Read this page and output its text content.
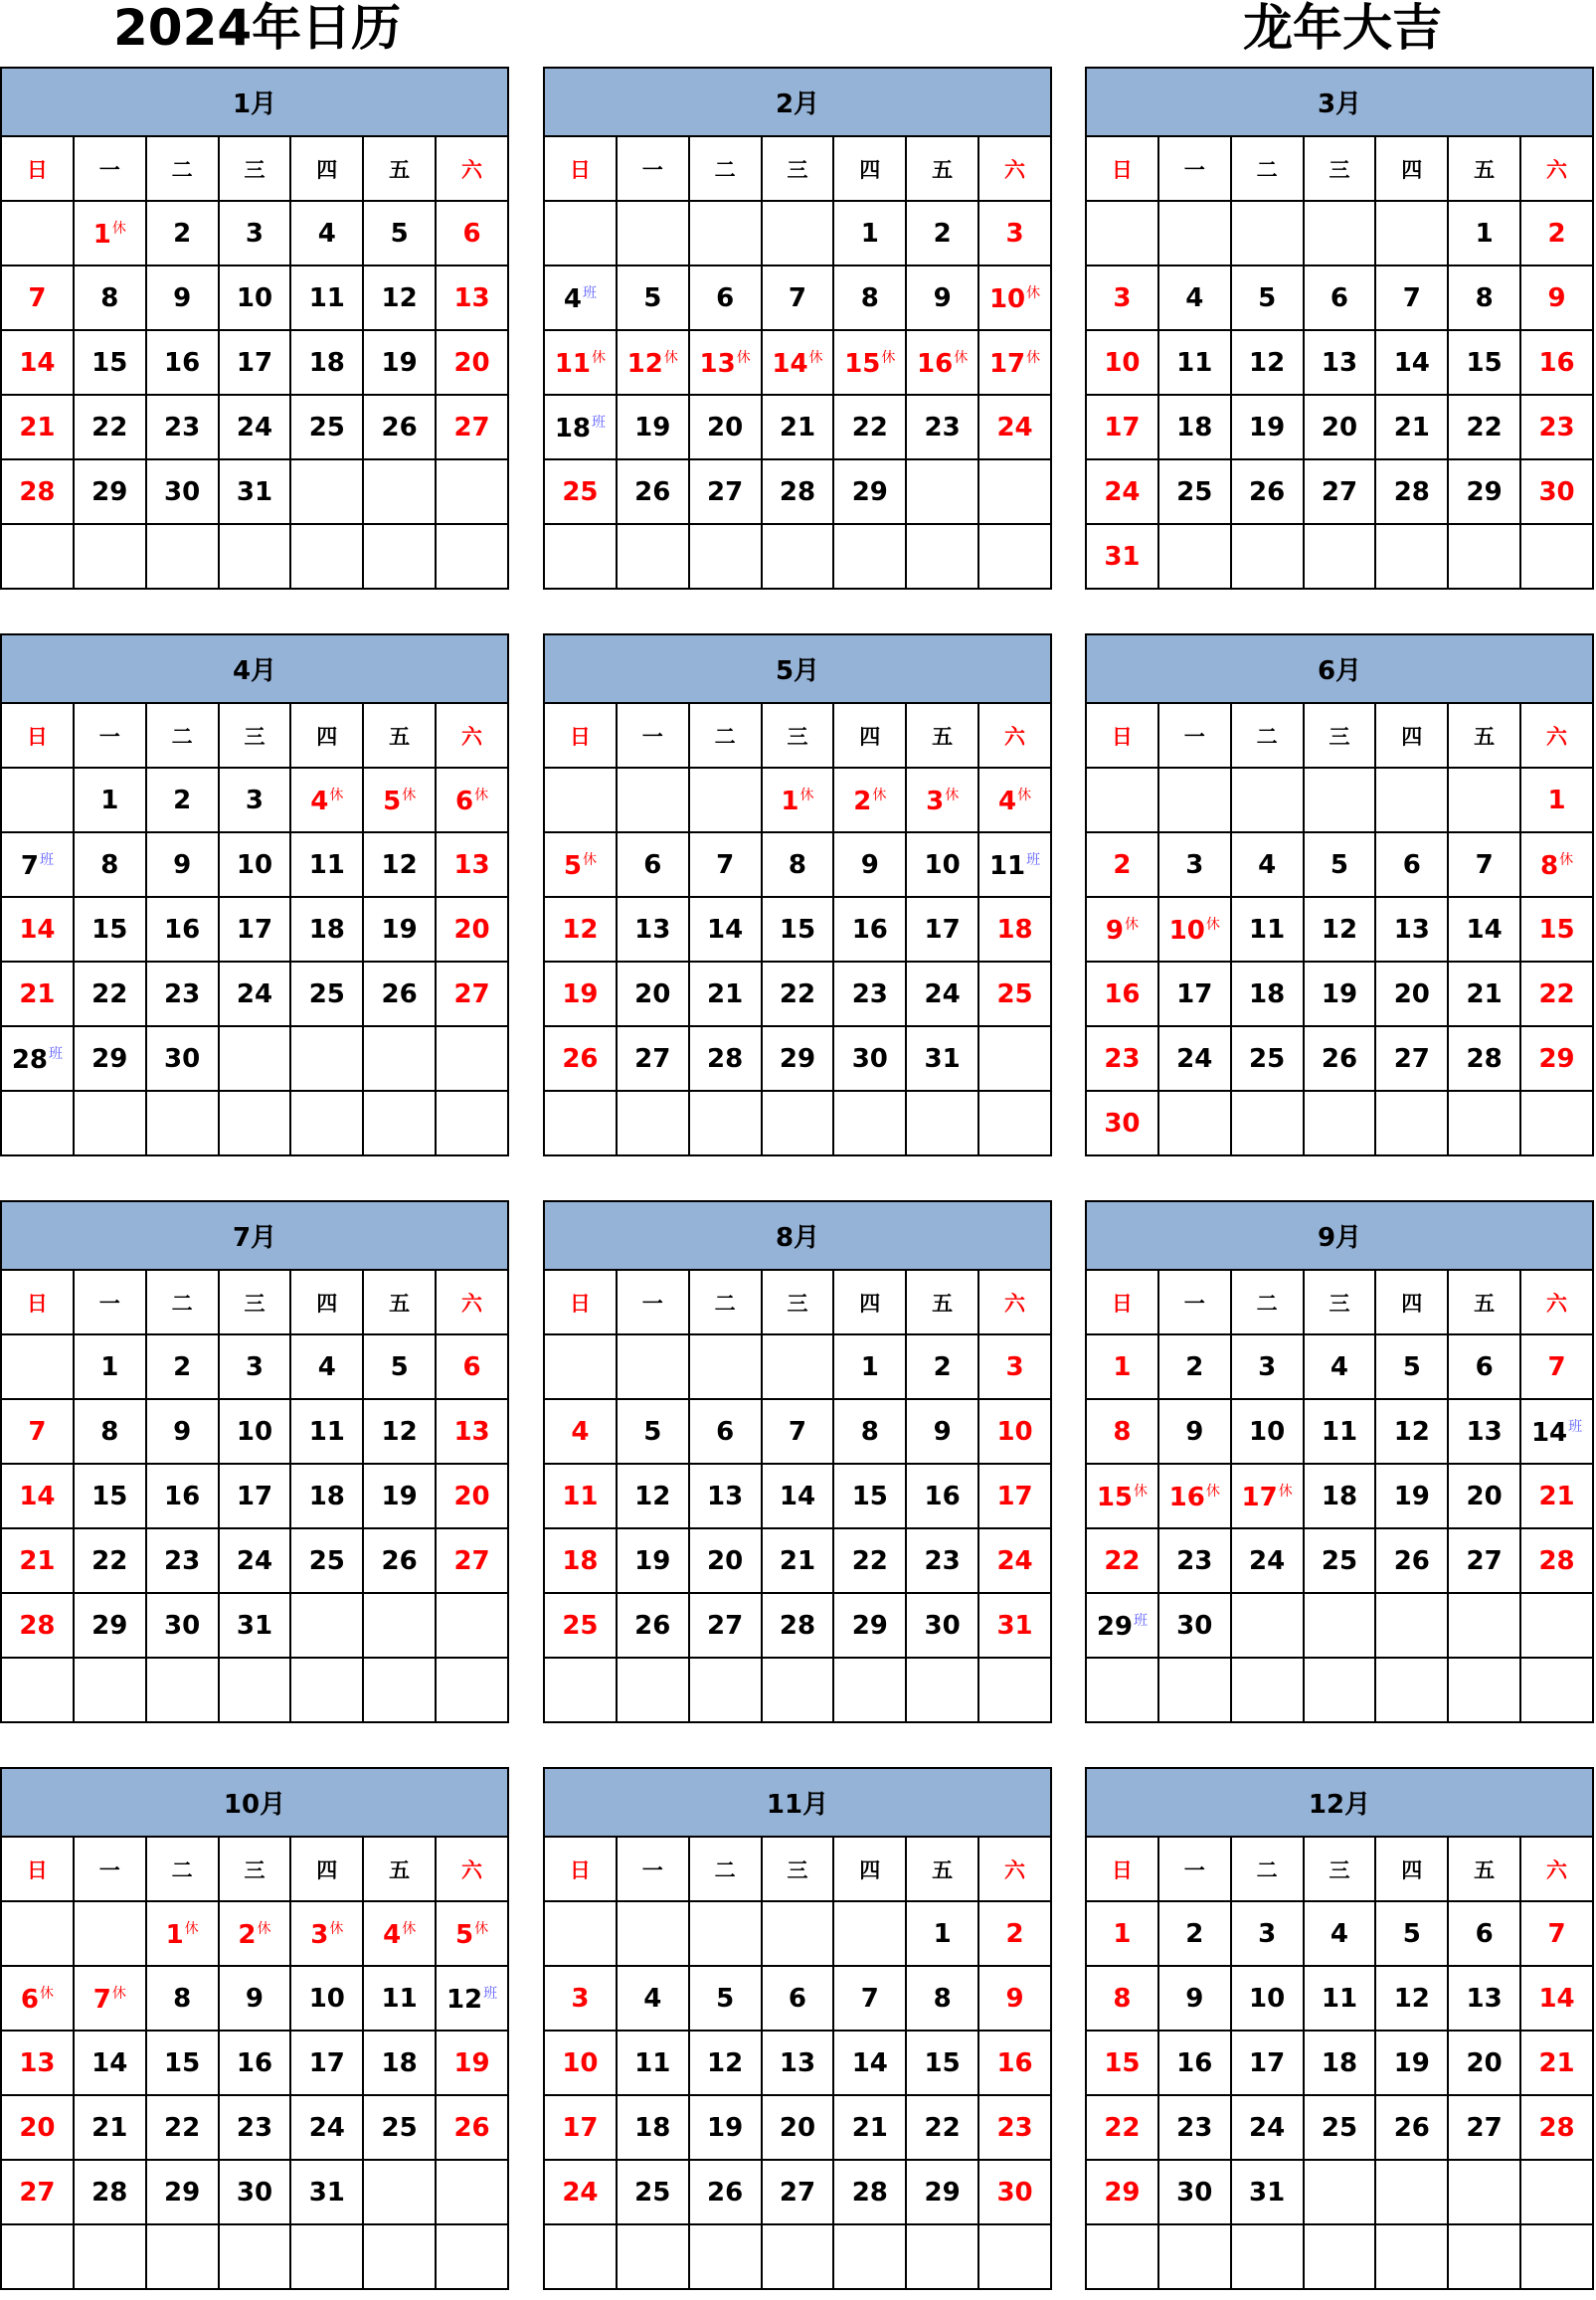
2024年日历	龙年大吉
1月						
日	一	二	三	四	五	六
	$1^休$	2	3	4	5	6
7	8	9	10	11	12	13
14	15	16	17	18	19	20
21	22	23	24	25	26	27
28	29	30	31			

2月						
日	一	二	三	四	五	六
				1	2	3
$4^班$	5	6	7	8	9	$10^休$
$11^休$	$12^休$	$13^休$	$14^休$	$15^休$	$16^休$	$17^休$
$18^班$	19	20	21	22	23	24
25	26	27	28	29		

3月						
日	一	二	三	四	五	六
					1	2
3	4	5	6	7	8	9
10	11	12	13	14	15	16
17	18	19	20	21	22	23
24	25	26	27	28	29	30
31						
4月						
日	一	二	三	四	五	六
	1	2	3	$4^休$	$5^休$	$6^休$
$7^班$	8	9	10	11	12	13
14	15	16	17	18	19	20
21	22	23	24	25	26	27
$28^班$	29	30				

5月						
日	一	二	三	四	五	六
			$1^休$	$2^休$	$3^休$	$4^休$
$5^休$	6	7	8	9	10	$11^班$
12	13	14	15	16	17	18
19	20	21	22	23	24	25
26	27	28	29	30	31	

6月						
日	一	二	三	四	五	六
						1
2	3	4	5	6	7	$8^休$
$9^休$	$10^休$	11	12	13	14	15
16	17	18	19	20	21	22
23	24	25	26	27	28	29
30						
7月						
日	一	二	三	四	五	六
	1	2	3	4	5	6
7	8	9	10	11	12	13
14	15	16	17	18	19	20
21	22	23	24	25	26	27
28	29	30	31			

8月						
日	一	二	三	四	五	六
				1	2	3
4	5	6	7	8	9	10
11	12	13	14	15	16	17
18	19	20	21	22	23	24
25	26	27	28	29	30	31

9月						
日	一	二	三	四	五	六
1	2	3	4	5	6	7
8	9	10	11	12	13	$14^班$
$15^休$	$16^休$	$17^休$	18	19	20	21
22	23	24	25	26	27	28
$29^班$	30					

10月						
日	一	二	三	四	五	六
		$1^休$	$2^休$	$3^休$	$4^休$	$5^休$
$6^休$	$7^休$	8	9	10	11	$12^班$
13	14	15	16	17	18	19
20	21	22	23	24	25	26
27	28	29	30	31		

11月						
日	一	二	三	四	五	六
					1	2
3	4	5	6	7	8	9
10	11	12	13	14	15	16
17	18	19	20	21	22	23
24	25	26	27	28	29	30

12月						
日	一	二	三	四	五	六
1	2	3	4	5	6	7
8	9	10	11	12	13	14
15	16	17	18	19	20	21
22	23	24	25	26	27	28
29	30	31				
